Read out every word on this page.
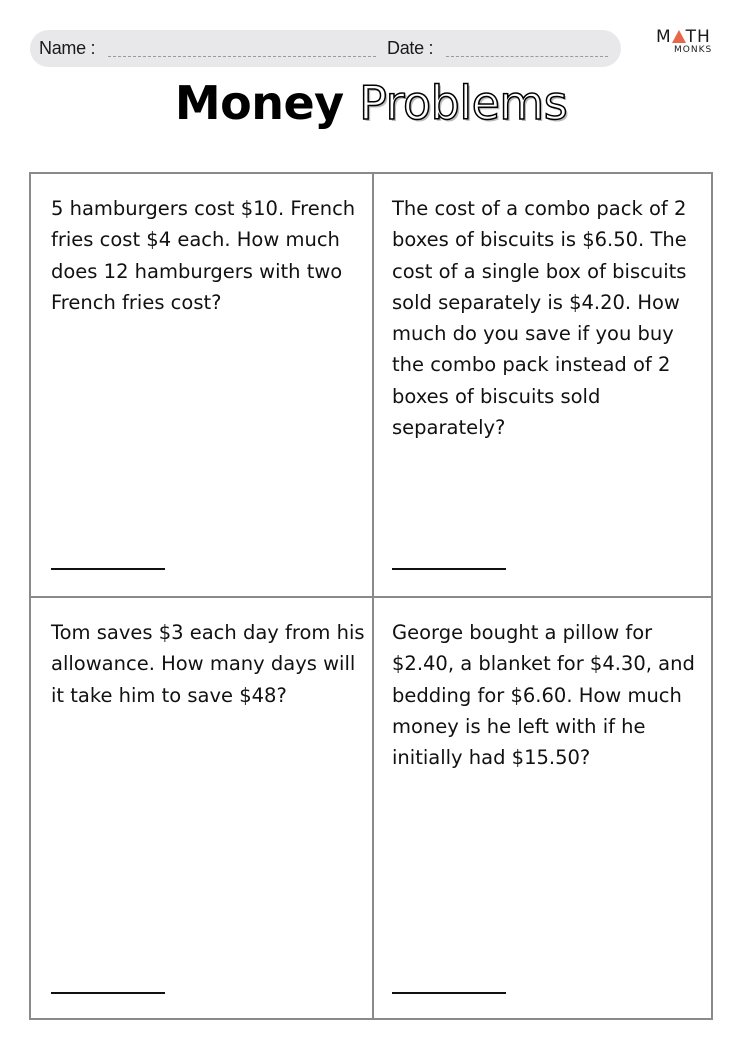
Name :	Date :
M TH
MONKS
Money Problems
5 hamburgers cost $10. French fries cost $4 each. How much does 12 hamburgers with two French fries cost?
The cost of a combo pack of 2 boxes of biscuits is $6.50. The cost of a single box of biscuits sold separately is $4.20. How much do you save if you buy the combo pack instead of 2 boxes of biscuits sold separately?
Tom saves $3 each day from his allowance. How many days will it take him to save $48?
George bought a pillow for $2.40, a blanket for $4.30, and bedding for $6.60. How much money is he left with if he initially had $15.50?
